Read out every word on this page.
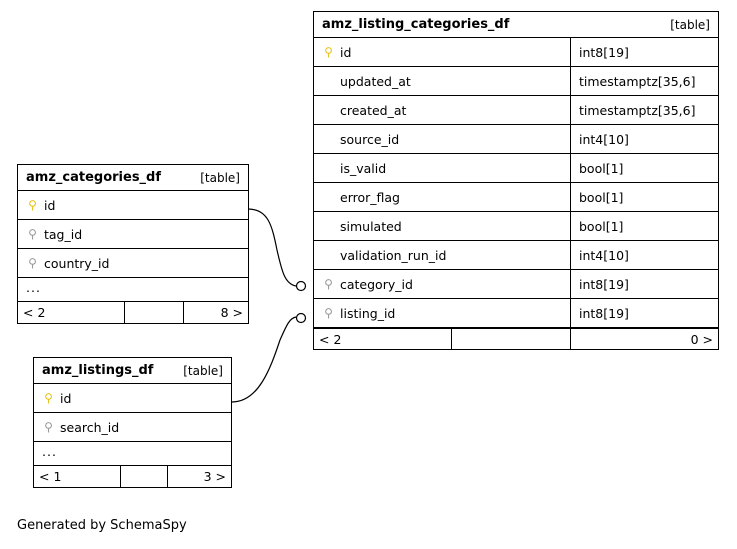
amz_listing_categories_df	[table]
⚲ id	int8[19]
updated_at	timestamptz[35,6]
created_at	timestamptz[35,6]
source_id	int4[10]
is_valid	bool[1]
error_flag	bool[1]
simulated	bool[1]
validation_run_id	int4[10]
⚲ category_id	int8[19]
⚲ listing_id	int8[19]
< 2	0 >
amz_categories_df	[table]
⚲ id
⚲ tag_id
⚲ country_id
...
< 2	8 >
amz_listings_df [table]
⚲ id
⚲ search_id
...
< 1	3 >
Generated by SchemaSpy
